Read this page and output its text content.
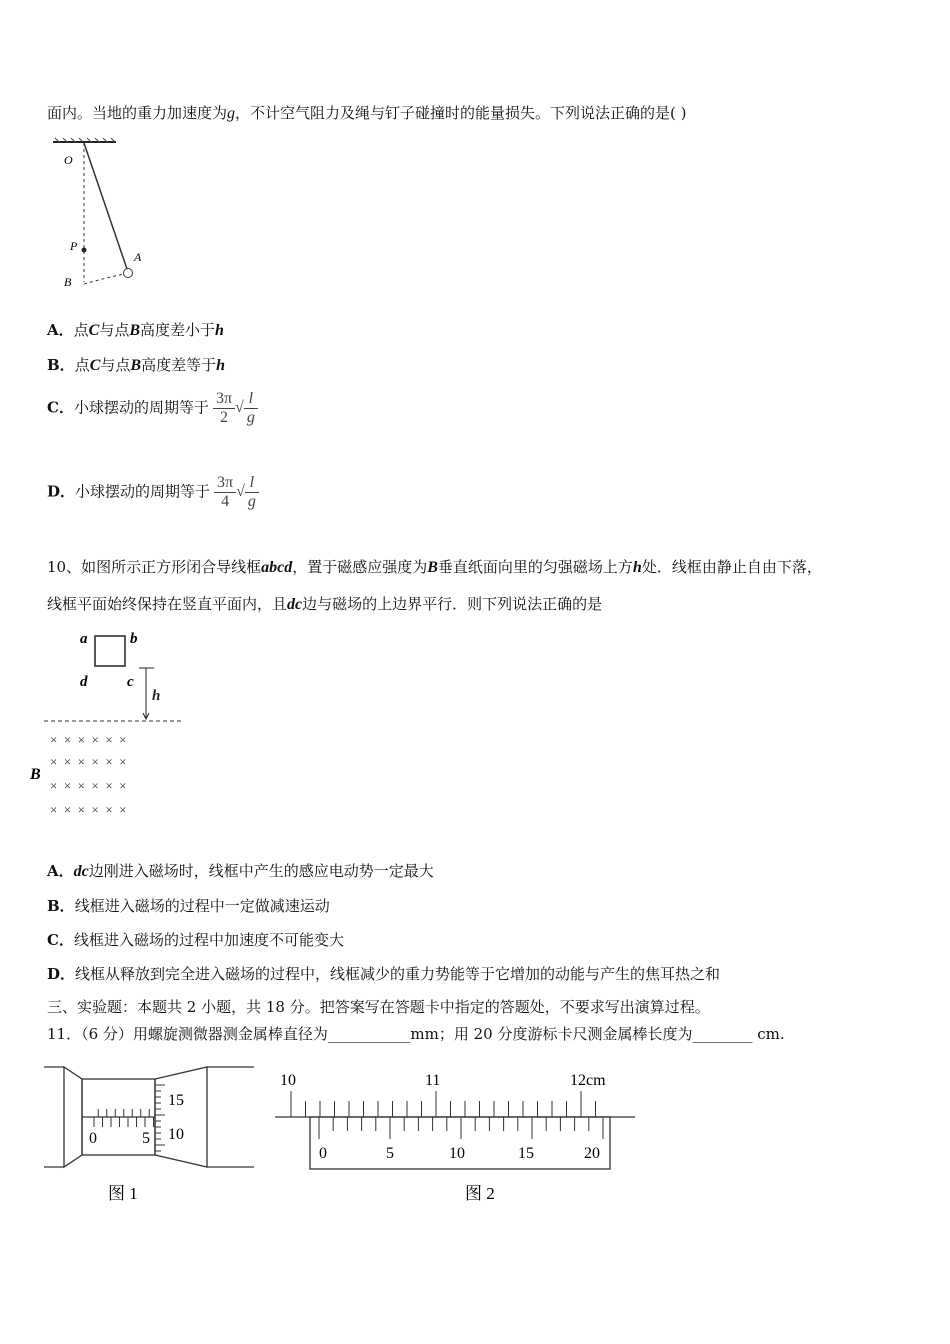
面内。当地的重力加速度为g，不计空气阻力及绳与钉子碰撞时的能量损失。下列说法正确的是( )
O
P
A
B
A．点C与点B高度差小于h
B．点C与点B高度差等于h
C．小球摆动的周期等于 $\frac{3\pi}{2}$ √ $\frac{l}{g}$
D．小球摆动的周期等于 $\frac{3\pi}{4}$ √ $\frac{l}{g}$
10、如图所示正方形闭合导线框abcd，置于磁感应强度为B垂直纸面向里的匀强磁场上方h处．线框由静止自由下落，
线框平面始终保持在竖直平面内，且dc边与磁场的上边界平行．则下列说法正确的是
a	b
d	c
h
×  ×  ×  ×  ×  ×
×  ×  ×  ×  ×  ×
×  ×  ×  ×  ×  ×
×  ×  ×  ×  ×  ×
B
A．dc边刚进入磁场时，线框中产生的感应电动势一定最大
B．线框进入磁场的过程中一定做减速运动
C．线框进入磁场的过程中加速度不可能变大
D．线框从释放到完全进入磁场的过程中，线框减少的重力势能等于它增加的动能与产生的焦耳热之和
三、实验题：本题共 2 小题，共 18 分。把答案写在答题卡中指定的答题处，不要求写出演算过程。
11．（6 分）用螺旋测微器测金属棒直径为___________mm；用 20 分度游标卡尺测金属棒长度为________ cm.
0	5
15
10
图 1
10	11	12cm
0	5	10	15	20
图 2
